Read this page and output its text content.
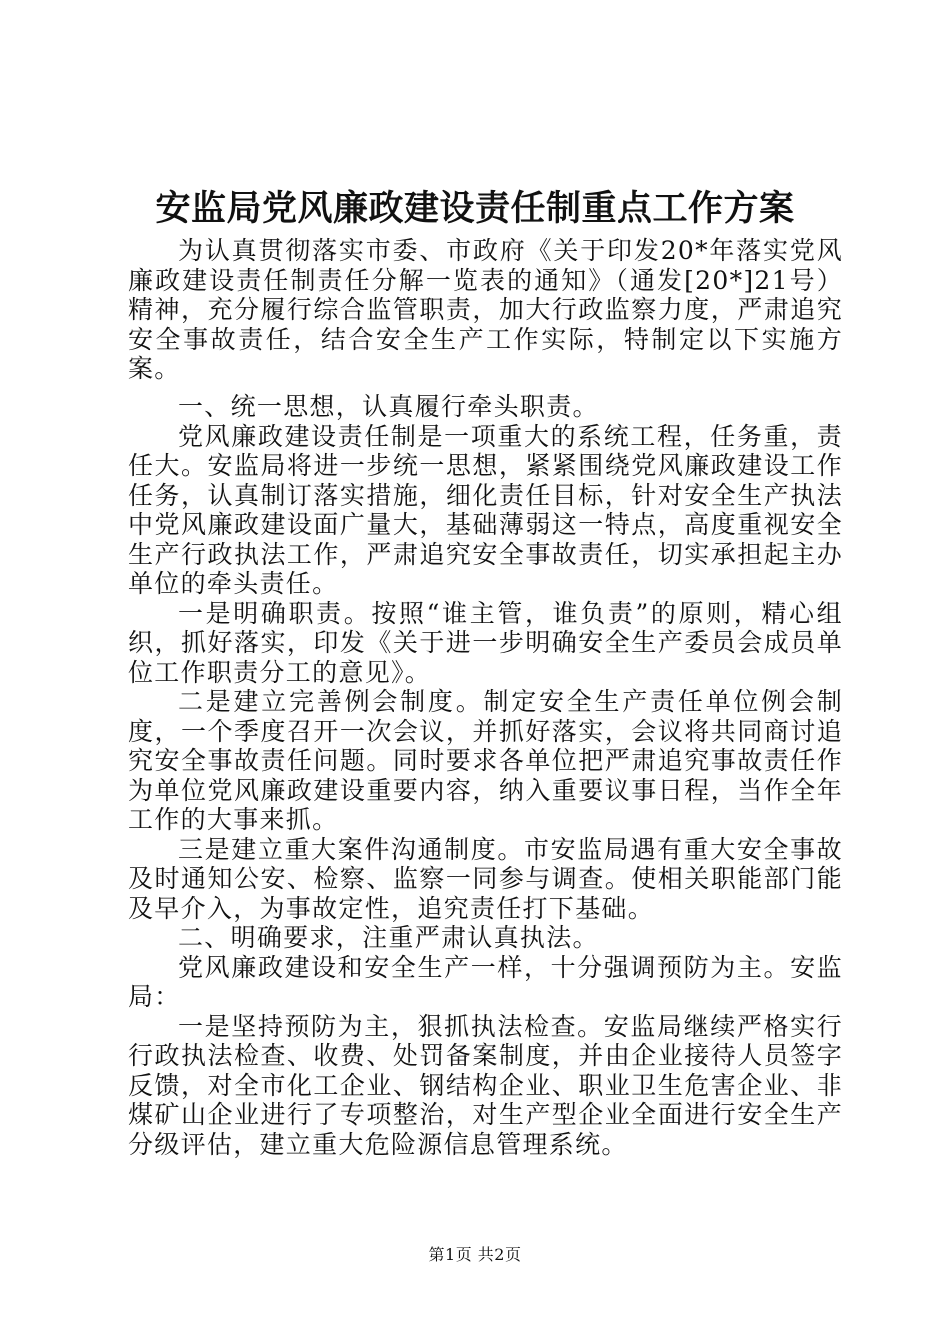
安监局党风廉政建设责任制重点工作方案

为认真贯彻落实市委、市政府《关于印发20*年落实党风廉政建设责任制责任分解一览表的通知》（通发[20*]21号）精神，充分履行综合监管职责，加大行政监察力度，严肃追究安全事故责任，结合安全生产工作实际，特制定以下实施方案。

一、统一思想，认真履行牵头职责。

党风廉政建设责任制是一项重大的系统工程，任务重，责任大。安监局将进一步统一思想，紧紧围绕党风廉政建设工作任务，认真制订落实措施，细化责任目标，针对安全生产执法中党风廉政建设面广量大，基础薄弱这一特点，高度重视安全生产行政执法工作，严肃追究安全事故责任，切实承担起主办单位的牵头责任。

一是明确职责。按照“谁主管，谁负责”的原则，精心组织，抓好落实，印发《关于进一步明确安全生产委员会成员单位工作职责分工的意见》。

二是建立完善例会制度。制定安全生产责任单位例会制度，一个季度召开一次会议，并抓好落实，会议将共同商讨追究安全事故责任问题。同时要求各单位把严肃追究事故责任作为单位党风廉政建设重要内容，纳入重要议事日程，当作全年工作的大事来抓。

三是建立重大案件沟通制度。市安监局遇有重大安全事故及时通知公安、检察、监察一同参与调查。使相关职能部门能及早介入，为事故定性，追究责任打下基础。

二、明确要求，注重严肃认真执法。

党风廉政建设和安全生产一样，十分强调预防为主。安监局：

一是坚持预防为主，狠抓执法检查。安监局继续严格实行行政执法检查、收费、处罚备案制度，并由企业接待人员签字反馈，对全市化工企业、钢结构企业、职业卫生危害企业、非煤矿山企业进行了专项整治，对生产型企业全面进行安全生产分级评估，建立重大危险源信息管理系统。

第1页 共2页
